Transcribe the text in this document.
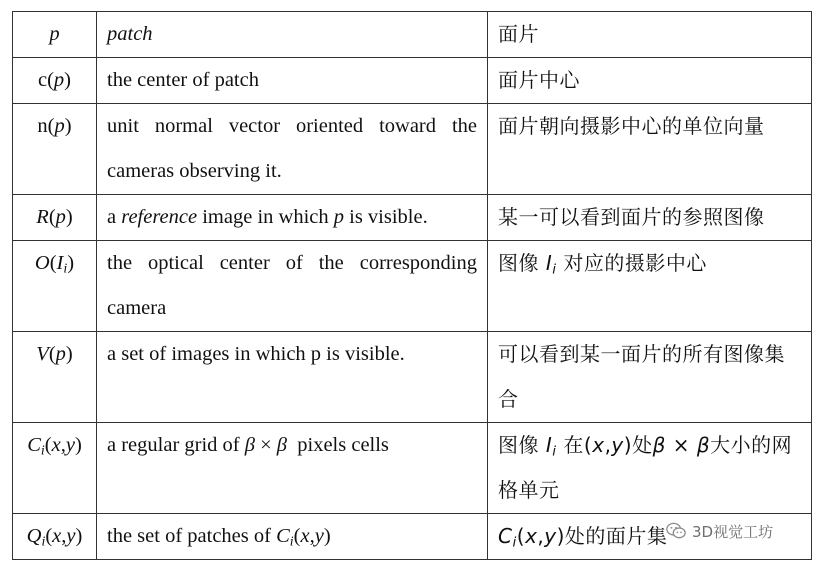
p	patch	面片
c(p)	the center of patch	面片中心
n(p)	unit normal vector oriented toward the cameras observing it.	面片朝向摄影中心的单位向量
R(p)	a reference image in which p is visible.	某一可以看到面片的参照图像
$O(I_i)$	the optical center of the corresponding camera	图像 $I_i$ 对应的摄影中心
V(p)	a set of images in which p is visible.	可以看到某一面片的所有图像集合
$C_i(x,y)$	a regular grid of β × β  pixels cells	图像 $I_i$ 在(x,y)处β × β大小的网格单元
$Q_i(x,y)$	the set of patches of $C_i(x,y)$	$C_i(x,y)$处的面片集 3D视觉工坊
